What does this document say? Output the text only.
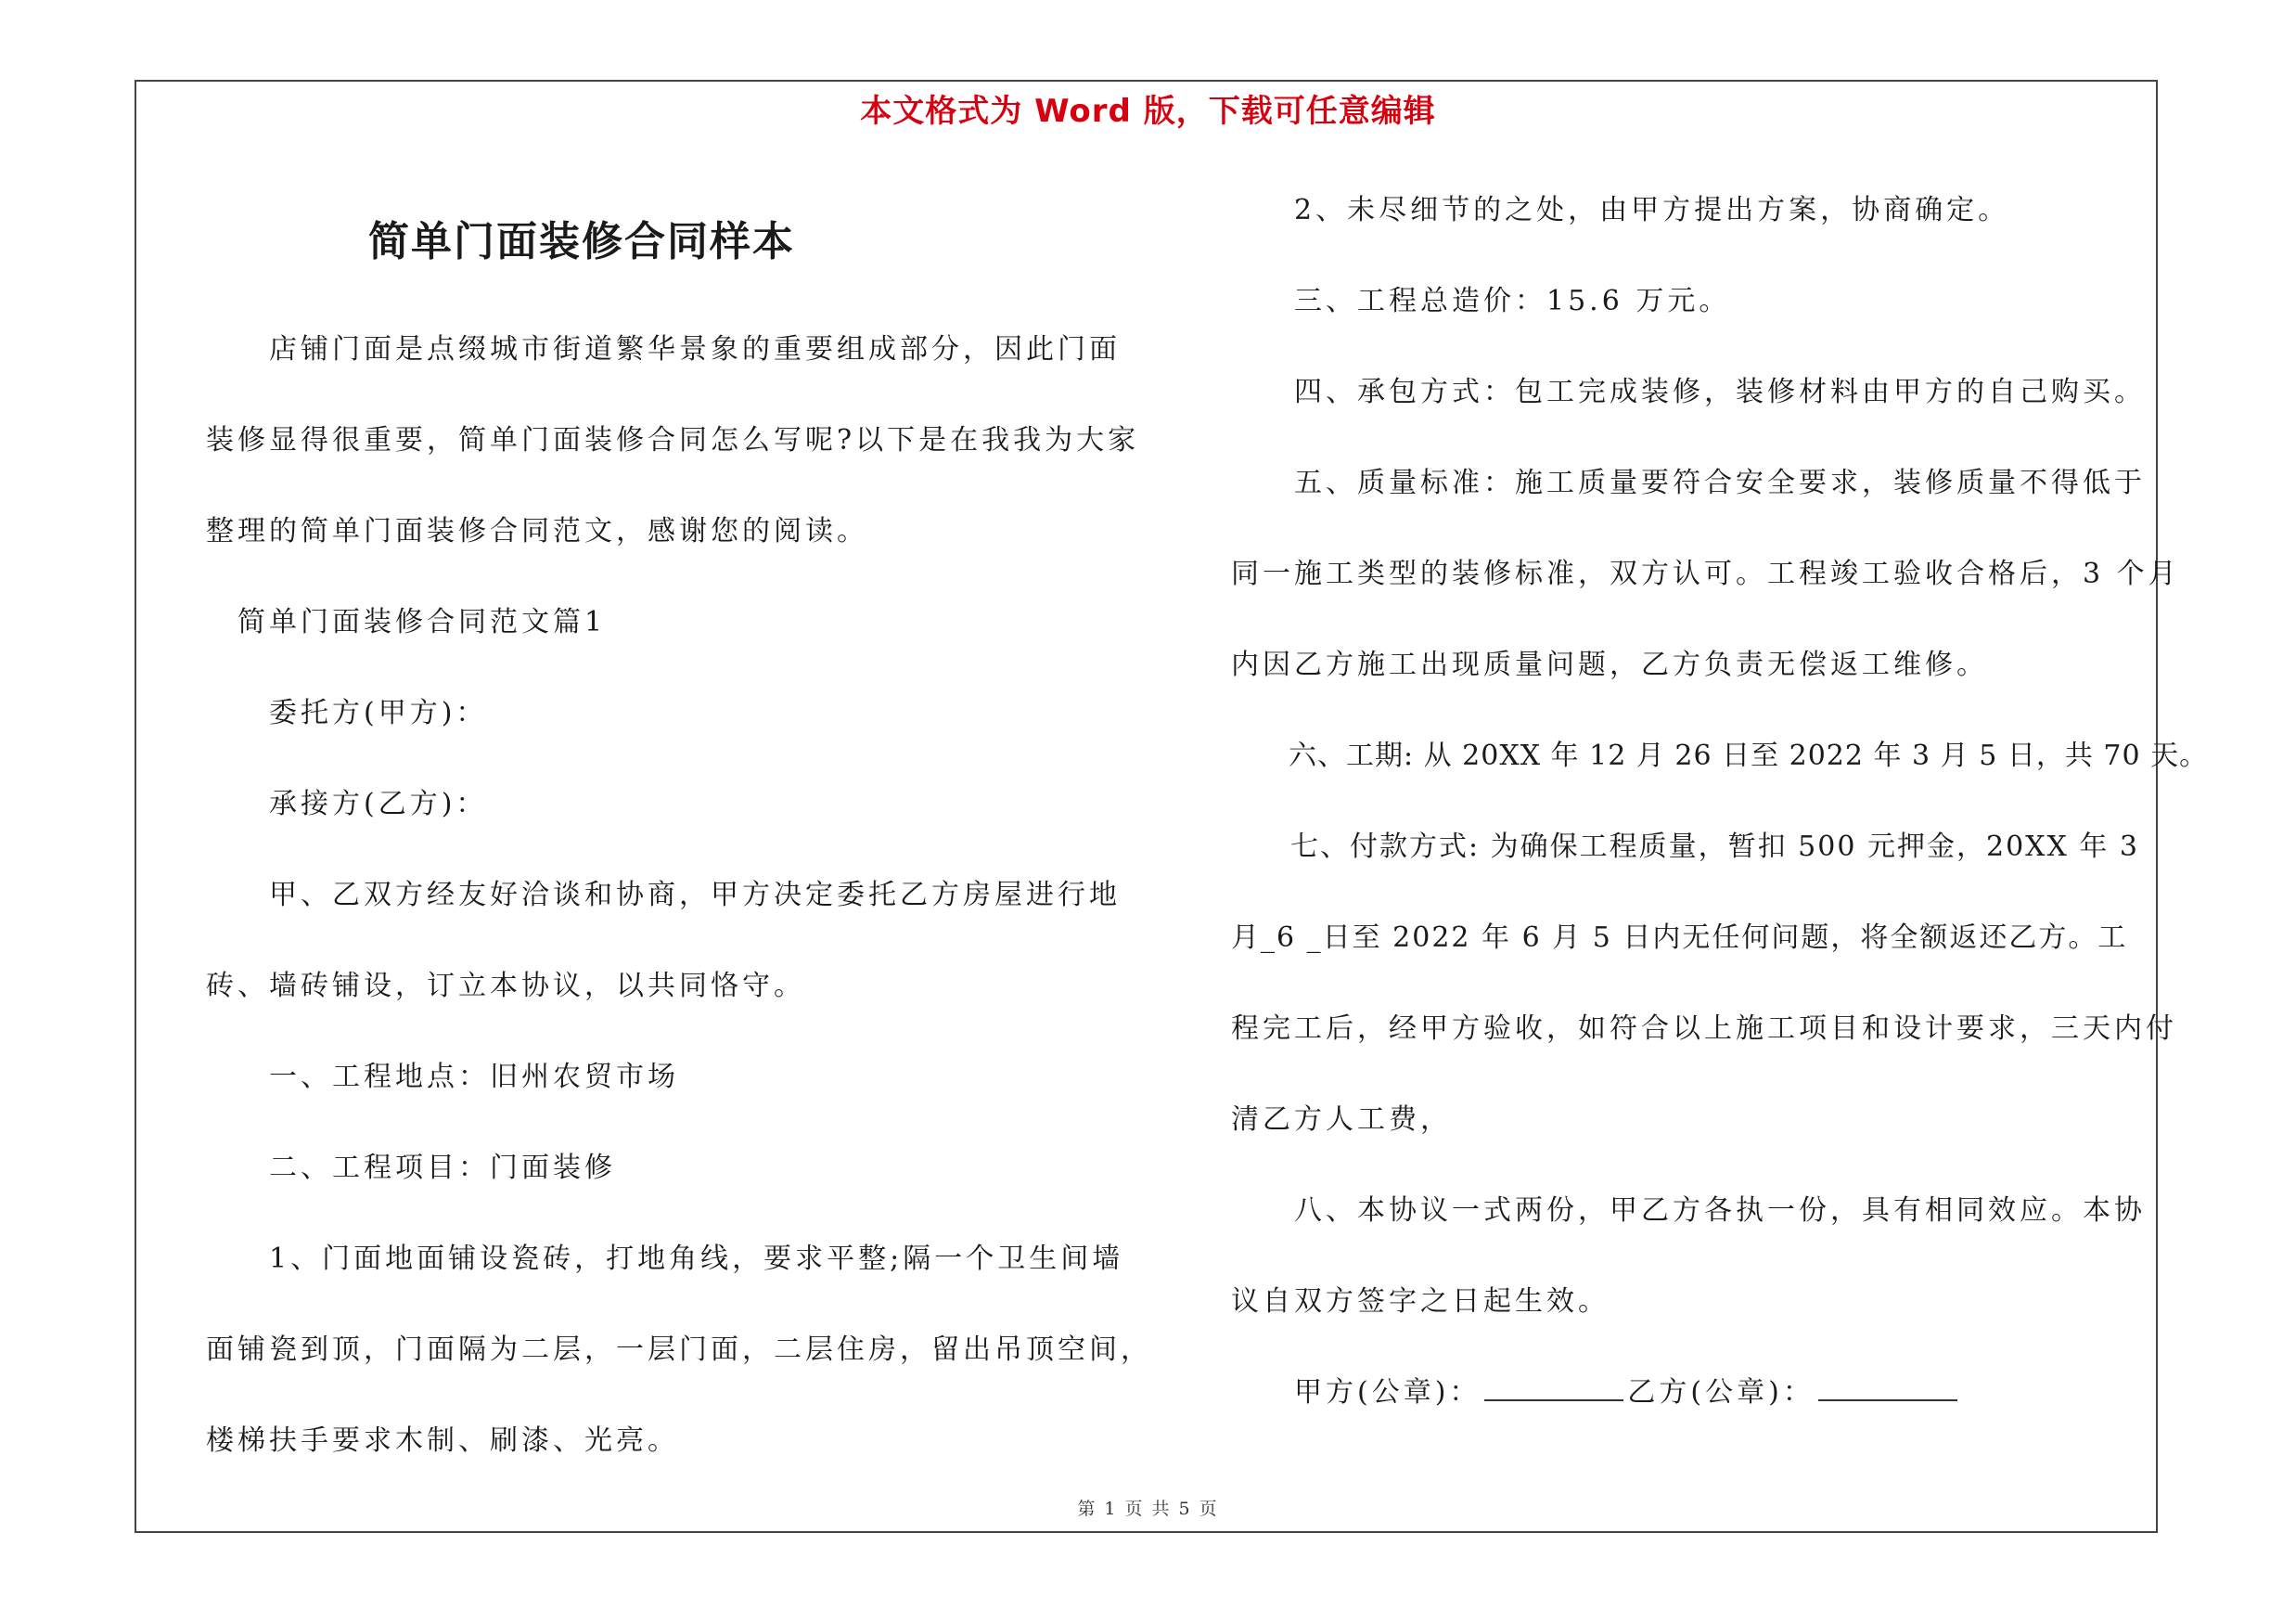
本文格式为 Word 版，下载可任意编辑
简单门面装修合同样本
　　店铺门面是点缀城市街道繁华景象的重要组成部分，因此门面
装修显得很重要，简单门面装修合同怎么写呢?以下是在我我为大家
整理的简单门面装修合同范文，感谢您的阅读。
　简单门面装修合同范文篇1
　　委托方(甲方)：
　　承接方(乙方)：
　　甲、乙双方经友好洽谈和协商，甲方决定委托乙方房屋进行地
砖、墙砖铺设，订立本协议，以共同恪守。
　　一、工程地点：旧州农贸市场
　　二、工程项目：门面装修
　　1、门面地面铺设瓷砖，打地角线，要求平整;隔一个卫生间墙
面铺瓷到顶，门面隔为二层，一层门面，二层住房，留出吊顶空间，
楼梯扶手要求木制、刷漆、光亮。
　　2、未尽细节的之处，由甲方提出方案，协商确定。
　　三、工程总造价：15.6 万元。
　　四、承包方式：包工完成装修，装修材料由甲方的自己购买。
　　五、质量标准：施工质量要符合安全要求，装修质量不得低于
同一施工类型的装修标准，双方认可。工程竣工验收合格后，3 个月
内因乙方施工出现质量问题，乙方负责无偿返工维修。
　　六、工期: 从 20XX 年 12 月 26 日至 2022 年 3 月 5 日，共 70 天。
　　七、付款方式: 为确保工程质量，暂扣 500 元押金，20XX 年 3
月_6 _日至 2022 年 6 月 5 日内无任何问题，将全额返还乙方。工
程完工后，经甲方验收，如符合以上施工项目和设计要求，三天内付
清乙方人工费，
　　八、本协议一式两份，甲乙方各执一份，具有相同效应。本协
议自双方签字之日起生效。
　　甲方(公章)：	乙方(公章)：
第 1 页 共 5 页
